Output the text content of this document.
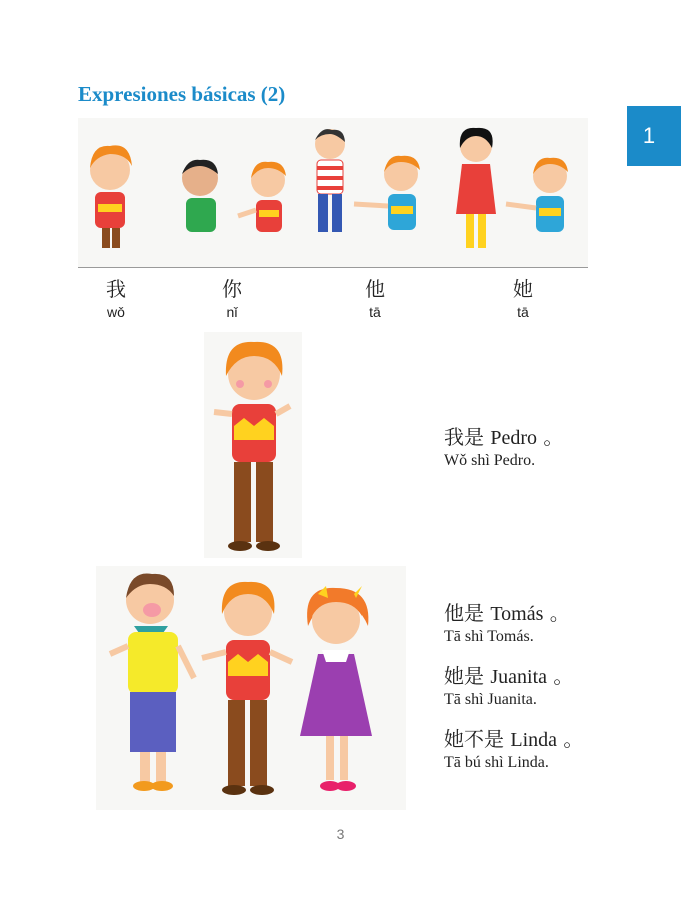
Expresiones básicas (2)
1
我
wǒ
你
nǐ
他
tā
她
tā
我是 Pedro 。
Wǒ shì Pedro.
他是 Tomás 。
Tā shì Tomás.
她是 Juanita 。
Tā shì Juanita.
她不是 Linda 。
Tā bú shì Linda.
3
